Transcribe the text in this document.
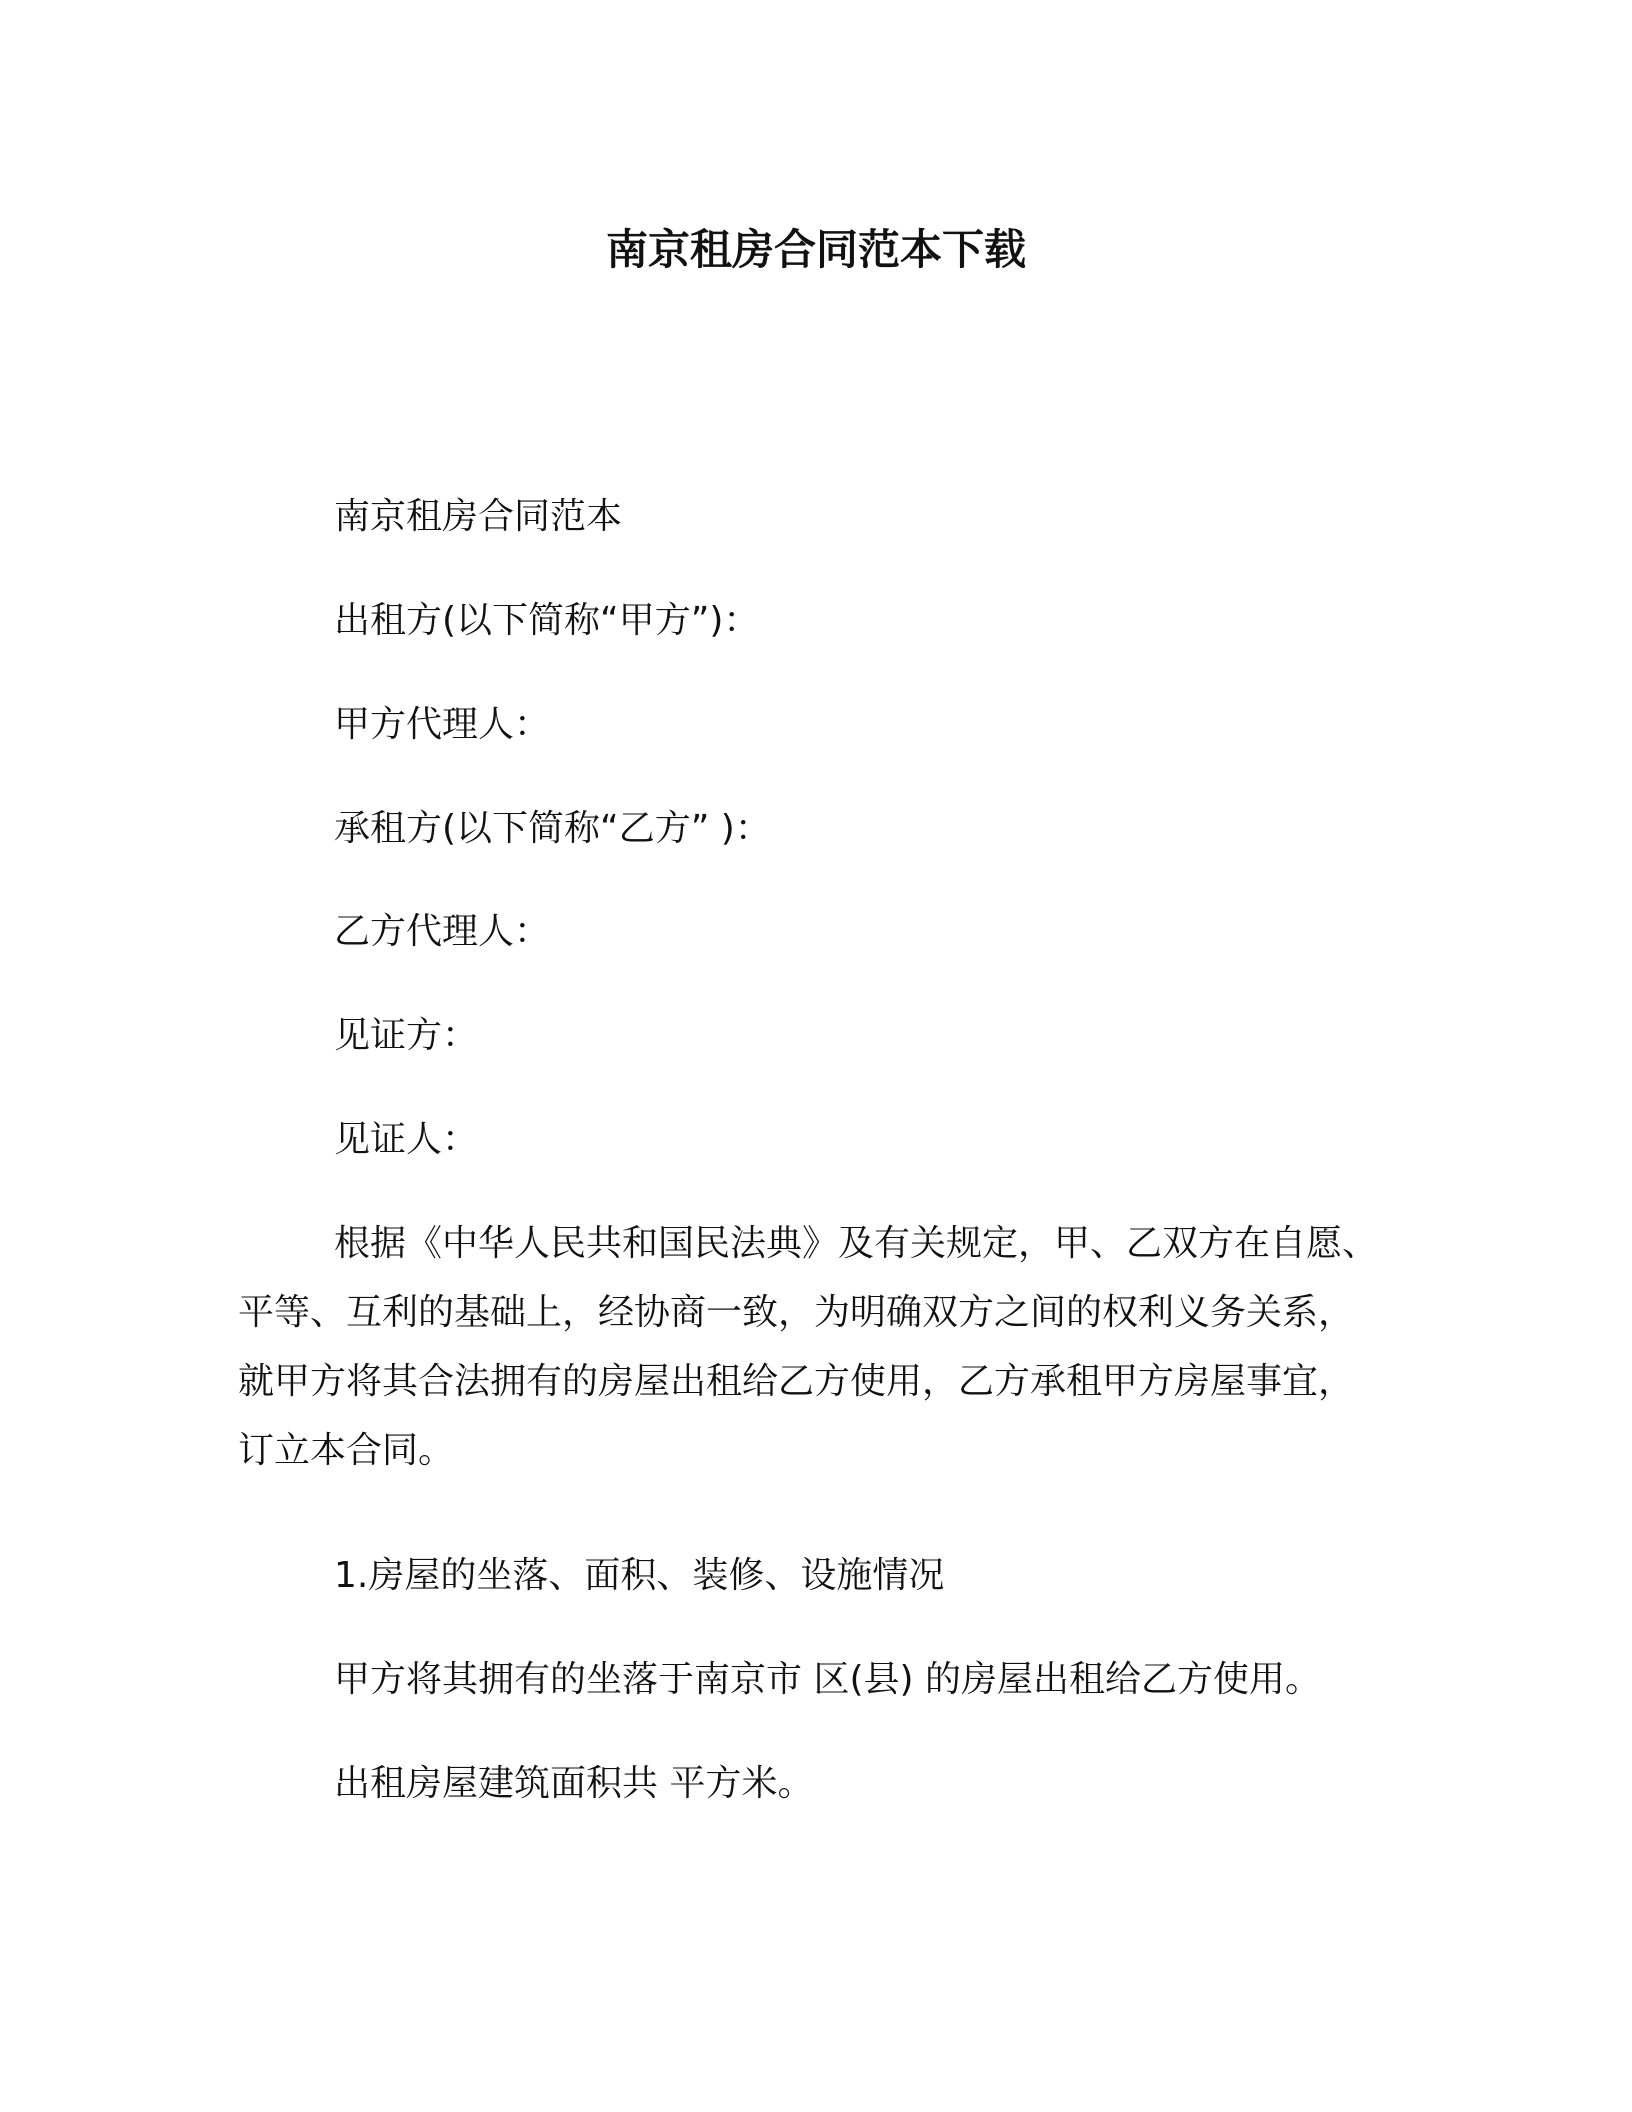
南京租房合同范本下载

南京租房合同范本

出租方(以下简称“甲方”)：

甲方代理人：

承租方(以下简称“乙方” )：

乙方代理人：

见证方：

见证人：

根据《中华人民共和国民法典》及有关规定，甲、乙双方在自愿、
平等、互利的基础上，经协商一致，为明确双方之间的权利义务关系，
就甲方将其合法拥有的房屋出租给乙方使用，乙方承租甲方房屋事宜，
订立本合同。

1.房屋的坐落、面积、装修、设施情况

甲方将其拥有的坐落于南京市 区(县) 的房屋出租给乙方使用。

出租房屋建筑面积共 平方米。
